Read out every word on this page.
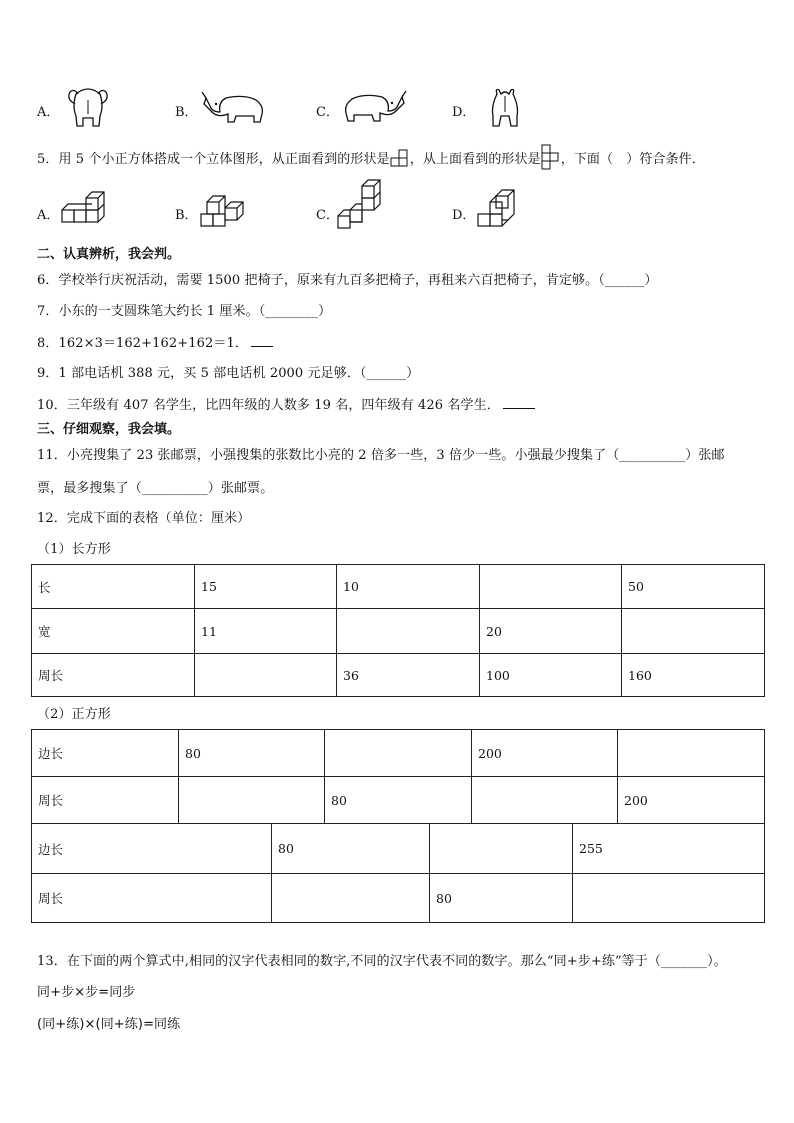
A．	B．	C．	D．
5．用 5 个小正方体搭成一个立体图形，从正面看到的形状是 ，从上面看到的形状是 ，下面（　）符合条件．
A．	B．	C．	D．
二、认真辨析，我会判。
6．学校举行庆祝活动，需要 1500 把椅子，原来有九百多把椅子，再租来六百把椅子，肯定够。（______）
7．小东的一支圆珠笔大约长 1 厘米。（________）
8．162×3＝162+162+162＝1．
9．1 部电话机 388 元，买 5 部电话机 2000 元足够．（______）
10．三年级有 407 名学生，比四年级的人数多 19 名，四年级有 426 名学生．
三、仔细观察，我会填。
11．小亮搜集了 23 张邮票，小强搜集的张数比小亮的 2 倍多一些，3 倍少一些。小强最少搜集了（__________）张邮
票，最多搜集了（__________）张邮票。
12．完成下面的表格（单位：厘米）
（1）长方形
长	15	10		50
宽	11		20	
周长		36	100	160
（2）正方形
边长	80		200	
周长		80		200
边长	80		255
周长		80	
13．在下面的两个算式中,相同的汉字代表相同的数字,不同的汉字代表不同的数字。那么“同+步+练”等于（_______）。
同+步×步=同步
(同+练)×(同+练)=同练
